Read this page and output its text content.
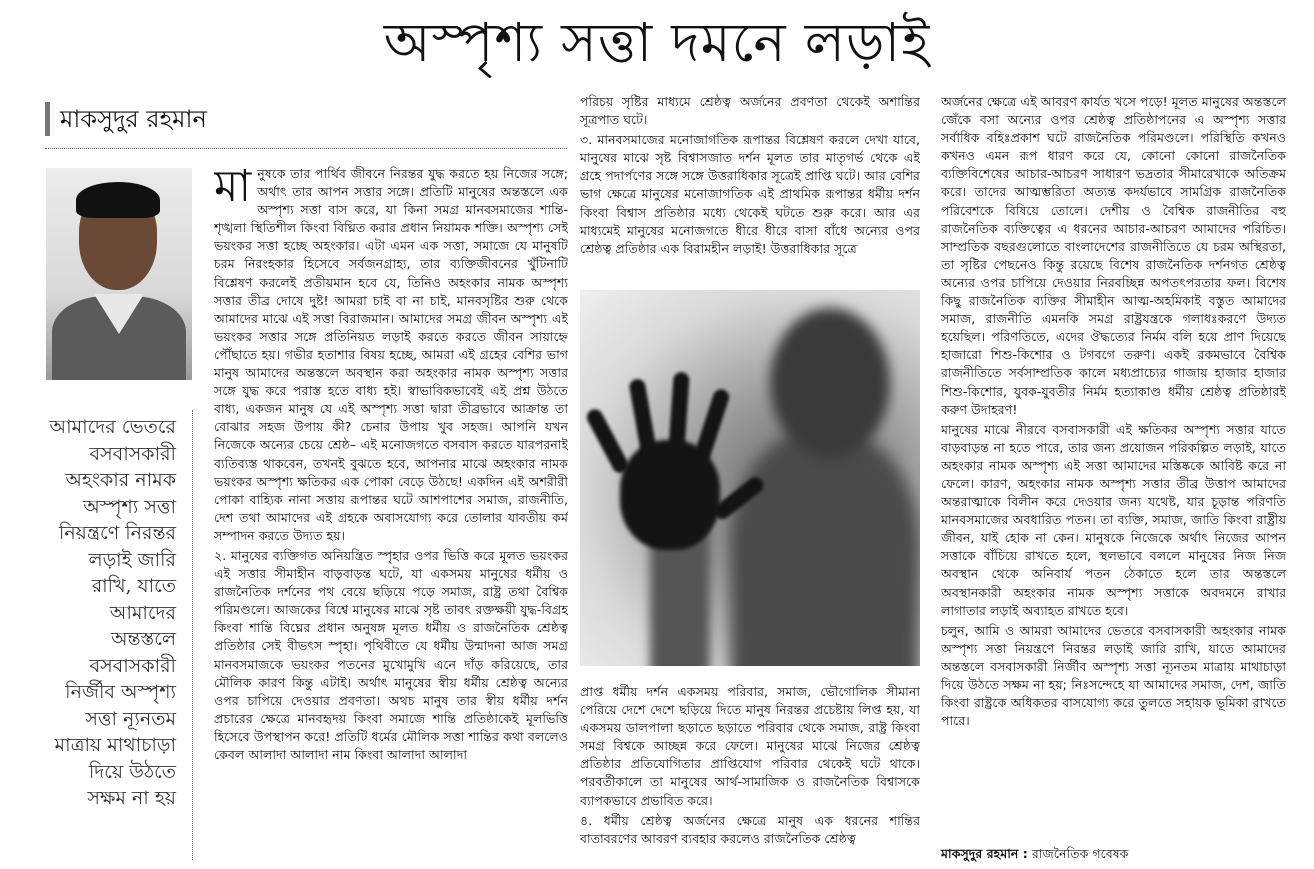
অস্পৃশ্য সত্তা দমনে লড়াই
মাকসুদুর রহমান
আমাদের ভেতরে বসবাসকারী অহংকার নামক অস্পৃশ্য সত্তা নিয়ন্ত্রণে নিরন্তর লড়াই জারি রাখি, যাতে আমাদের অন্তস্তলে বসবাসকারী নির্জীব অস্পৃশ্য সত্তা ন্যূনতম মাত্রায় মাথাচাড়া দিয়ে উঠতে সক্ষম না হয়

মানুষকে তার পার্থিব জীবনে নিরন্তর যুদ্ধ করতে হয় নিজের সঙ্গে; অর্থাৎ তার আপন সত্তার সঙ্গে। প্রতিটি মানুষের অন্তস্তলে এক অস্পৃশ্য সত্তা বাস করে, যা কিনা সমগ্র মানবসমাজের শান্তি-শৃঙ্খলা স্থিতিশীল কিংবা বিঘ্নিত করার প্রধান নিয়ামক শক্তি। অস্পৃশ্য সেই ভয়ংকর সত্তা হচ্ছে অহংকার। এটা এমন এক সত্তা, সমাজে যে মানুষটি চরম নিরংহকার হিসেবে সর্বজনগ্রাহ্য, তার ব্যক্তিজীবনের খুঁটিনাটি বিশ্লেষণ করলেই প্রতীয়মান হবে যে, তিনিও অহংকার নামক অস্পৃশ্য সত্তার তীব্র দোষে দুষ্ট! আমরা চাই বা না চাই, মানবসৃষ্টির শুরু থেকে আমাদের মাঝে এই সত্তা বিরাজমান। আমাদের সমগ্র জীবন অস্পৃশ্য এই ভয়ংকর সত্তার সঙ্গে প্রতিনিয়ত লড়াই করতে করতে জীবন সায়াহ্নে পৌঁছাতে হয়। গভীর হতাশার বিষয় হচ্ছে, আমরা এই গ্রহের বেশির ভাগ মানুষ আমাদের অন্তস্তলে অবস্থান করা অহংকার নামক অস্পৃশ্য সত্তার সঙ্গে যুদ্ধ করে পরাস্ত হতে বাধ্য হই। স্বাভাবিকভাবেই এই প্রশ্ন উঠতে বাধ্য, একজন মানুষ যে এই অস্পৃশ্য সত্তা দ্বারা তীব্রভাবে আক্রান্ত তা বোঝার সহজ উপায় কী? চেনার উপায় খুব সহজ। আপনি যখন নিজেকে অন্যের চেয়ে শ্রেষ্ঠ– এই মনোজগতে বসবাস করতে যারপরনাই ব্যতিব্যস্ত থাকবেন, তখনই বুঝতে হবে, আপনার মাঝে অহংকার নামক ভয়ংকর অস্পৃশ্য ক্ষতিকর এক পোকা বেড়ে উঠছে! একদিন এই অশরীরী পোকা বাহ্যিক নানা সত্তায় রূপান্তর ঘটে আশপাশের সমাজ, রাজনীতি, দেশ তথা আমাদের এই গ্রহকে অবাসযোগ্য করে তোলার যাবতীয় কর্ম সম্পাদন করতে উদ্যত হয়।

২. মানুষের ব্যক্তিগত অনিয়ন্ত্রিত স্পৃহার ওপর ভিত্তি করে মূলত ভয়ংকর এই সত্তার সীমাহীন বাড়বাড়ন্ত ঘটে, যা একসময় মানুষের ধর্মীয় ও রাজনৈতিক দর্শনের পথ বেয়ে ছড়িয়ে পড়ে সমাজ, রাষ্ট্র তথা বৈশ্বিক পরিমণ্ডলে। আজকের বিশ্বে মানুষের মাঝে সৃষ্ট তাবৎ রক্তক্ষয়ী যুদ্ধ-বিগ্রহ কিংবা শান্তি বিঘ্নের প্রধান অনুষঙ্গ মূলত ধর্মীয় ও রাজনৈতিক শ্রেষ্ঠত্ব প্রতিষ্ঠার সেই বীভৎস স্পৃহা। পৃথিবীতে যে ধর্মীয় উন্মাদনা আজ সমগ্র মানবসমাজকে ভয়ংকর পতনের মুখোমুখি এনে দাঁড় করিয়েছে, তার মৌলিক কারণ কিন্তু এটাই। অর্থাৎ মানুষের স্বীয় ধর্মীয় শ্রেষ্ঠত্ব অন্যের ওপর চাপিয়ে দেওয়ার প্রবণতা। অথচ মানুষ তার স্বীয় ধর্মীয় দর্শন প্রচারের ক্ষেত্রে মানবহৃদয় কিংবা সমাজে শান্তি প্রতিষ্ঠাকেই মূলভিত্তি হিসেবে উপস্থাপন করে! প্রতিটি ধর্মের মৌলিক সত্তা শান্তির কথা বললেও কেবল আলাদা আলাদা নাম কিংবা আলাদা আলাদা

পরিচয় সৃষ্টির মাধ্যমে শ্রেষ্ঠত্ব অর্জনের প্রবণতা থেকেই অশান্তির সূত্রপাত ঘটে।

৩. মানবসমাজের মনোজাগতিক রূপান্তর বিশ্লেষণ করলে দেখা যাবে, মানুষের মাঝে সৃষ্ট বিশ্বাসজাত দর্শন মূলত তার মাতৃগর্ভ থেকে এই গ্রহে পদার্পণের সঙ্গে সঙ্গে উত্তরাধিকার সূত্রেই প্রাপ্তি ঘটে। আর বেশির ভাগ ক্ষেত্রে মানুষের মনোজাগতিক এই প্রাথমিক রূপান্তর ধর্মীয় দর্শন কিংবা বিশ্বাস প্রতিষ্ঠার মধ্যে থেকেই ঘটতে শুরু করে। আর এর মাধ্যমেই মানুষের মনোজগতে ধীরে ধীরে বাসা বাঁধে অন্যের ওপর শ্রেষ্ঠত্ব প্রতিষ্ঠার এক বিরামহীন লড়াই! উত্তরাধিকার সূত্রে

প্রাপ্ত ধর্মীয় দর্শন একসময় পরিবার, সমাজ, ভৌগোলিক সীমানা পেরিয়ে দেশে দেশে ছড়িয়ে দিতে মানুষ নিরন্তর প্রচেষ্টায় লিপ্ত হয়, যা একসময় ডালপালা ছড়াতে ছড়াতে পরিবার থেকে সমাজ, রাষ্ট্র কিংবা সমগ্র বিশ্বকে আচ্ছন্ন করে ফেলে। মানুষের মাঝে নিজের শ্রেষ্ঠত্ব প্রতিষ্ঠার প্রতিযোগিতার প্রাপ্তিযোগ পরিবার থেকেই ঘটে থাকে। পরবর্তীকালে তা মানুষের আর্থ-সামাজিক ও রাজনৈতিক বিশ্বাসকে ব্যাপকভাবে প্রভাবিত করে।

৪. ধর্মীয় শ্রেষ্ঠত্ব অর্জনের ক্ষেত্রে মানুষ এক ধরনের শান্তির বাতাবরণের আবরণ ব্যবহার করলেও রাজনৈতিক শ্রেষ্ঠত্ব

অর্জনের ক্ষেত্রে এই আবরণ কার্যত খসে পড়ে! মূলত মানুষের অন্তস্তলে জেঁকে বসা অন্যের ওপর শ্রেষ্ঠত্ব প্রতিষ্ঠাপনের এ অস্পৃশ্য সত্তার সর্বাধিক বহিঃপ্রকাশ ঘটে রাজনৈতিক পরিমণ্ডলে। পরিস্থিতি কখনও কখনও এমন রূপ ধারণ করে যে, কোনো কোনো রাজনৈতিক ব্যক্তিবিশেষের আচার-আচরণ সাধারণ ভদ্রতার সীমারেখাকে অতিক্রম করে। তাদের আত্মম্ভরিতা অত্যন্ত কদর্যভাবে সামগ্রিক রাজনৈতিক পরিবেশকে বিষিয়ে তোলে। দেশীয় ও বৈশ্বিক রাজনীতির বহু রাজনৈতিক ব্যক্তিত্বের এ ধরনের আচার-আচরণ আমাদের পরিচিত। সাম্প্রতিক বছরগুলোতে বাংলাদেশের রাজনীতিতে যে চরম অস্থিরতা, তা সৃষ্টির পেছনেও কিন্তু রয়েছে বিশেষ রাজনৈতিক দর্শনগত শ্রেষ্ঠত্ব অন্যের ওপর চাপিয়ে দেওয়ার নিরবচ্ছিন্ন অপতৎপরতার ফল। বিশেষ কিছু রাজনৈতিক ব্যক্তির সীমাহীন আত্ম-অহমিকাই বস্তুত আমাদের সমাজ, রাজনীতি এমনকি সমগ্র রাষ্ট্রযন্ত্রকে গলাধঃকরণে উদ্যত হয়েছিল। পরিণতিতে, এদের ঔদ্ধত্যের নির্মম বলি হয়ে প্রাণ দিয়েছে হাজারো শিশু-কিশোর ও টগবগে তরুণ। একই রকমভাবে বৈশ্বিক রাজনীতিতে সর্বসাম্প্রতিক কালে মধ্যপ্রাচ্যের গাজায় হাজার হাজার শিশু-কিশোর, যুবক-যুবতীর নির্মম হত্যাকাণ্ড ধর্মীয় শ্রেষ্ঠত্ব প্রতিষ্ঠারই করুণ উদাহরণ!

মানুষের মাঝে নীরবে বসবাসকারী এই ক্ষতিকর অস্পৃশ্য সত্তার যাতে বাড়বাড়ন্ত না হতে পারে, তার জন্য প্রয়োজন পরিকল্পিত লড়াই, যাতে অহংকার নামক অস্পৃশ্য এই সত্তা আমাদের মস্তিষ্ককে আবিষ্ট করে না ফেলে। কারণ, অহংকার নামক অস্পৃশ্য সত্তার তীব্র উত্তাপ আমাদের অন্তরাত্মাকে বিলীন করে দেওয়ার জন্য যথেষ্ট, যার চূড়ান্ত পরিণতি মানবসমাজের অবধারিত পতন। তা ব্যক্তি, সমাজ, জাতি কিংবা রাষ্ট্রীয় জীবন, যাই হোক না কেন। মানুষকে নিজেকে অর্থাৎ নিজের আপন সত্তাকে বাঁচিয়ে রাখতে হলে, স্থলভাবে বললে মানুষের নিজ নিজ অবস্থান থেকে অনিবার্য পতন ঠেকাতে হলে তার অন্তস্তলে অবস্থানকারী অহংকার নামক অস্পৃশ্য সত্তাকে অবদমনে রাখার লাগাতার লড়াই অব্যাহত রাখতে হবে।

চলুন, আমি ও আমরা আমাদের ভেতরে বসবাসকারী অহংকার নামক অস্পৃশ্য সত্তা নিয়ন্ত্রণে নিরন্তর লড়াই জারি রাখি, যাতে আমাদের অন্তস্তলে বসবাসকারী নির্জীব অস্পৃশ্য সত্তা ন্যূনতম মাত্রায় মাথাচাড়া দিয়ে উঠতে সক্ষম না হয়; নিঃসন্দেহে যা আমাদের সমাজ, দেশ, জাতি কিংবা রাষ্ট্রকে অধিকতর বাসযোগ্য করে তুলতে সহায়ক ভূমিকা রাখতে পারে।

মাকসুদুর রহমান : রাজনৈতিক গবেষক
